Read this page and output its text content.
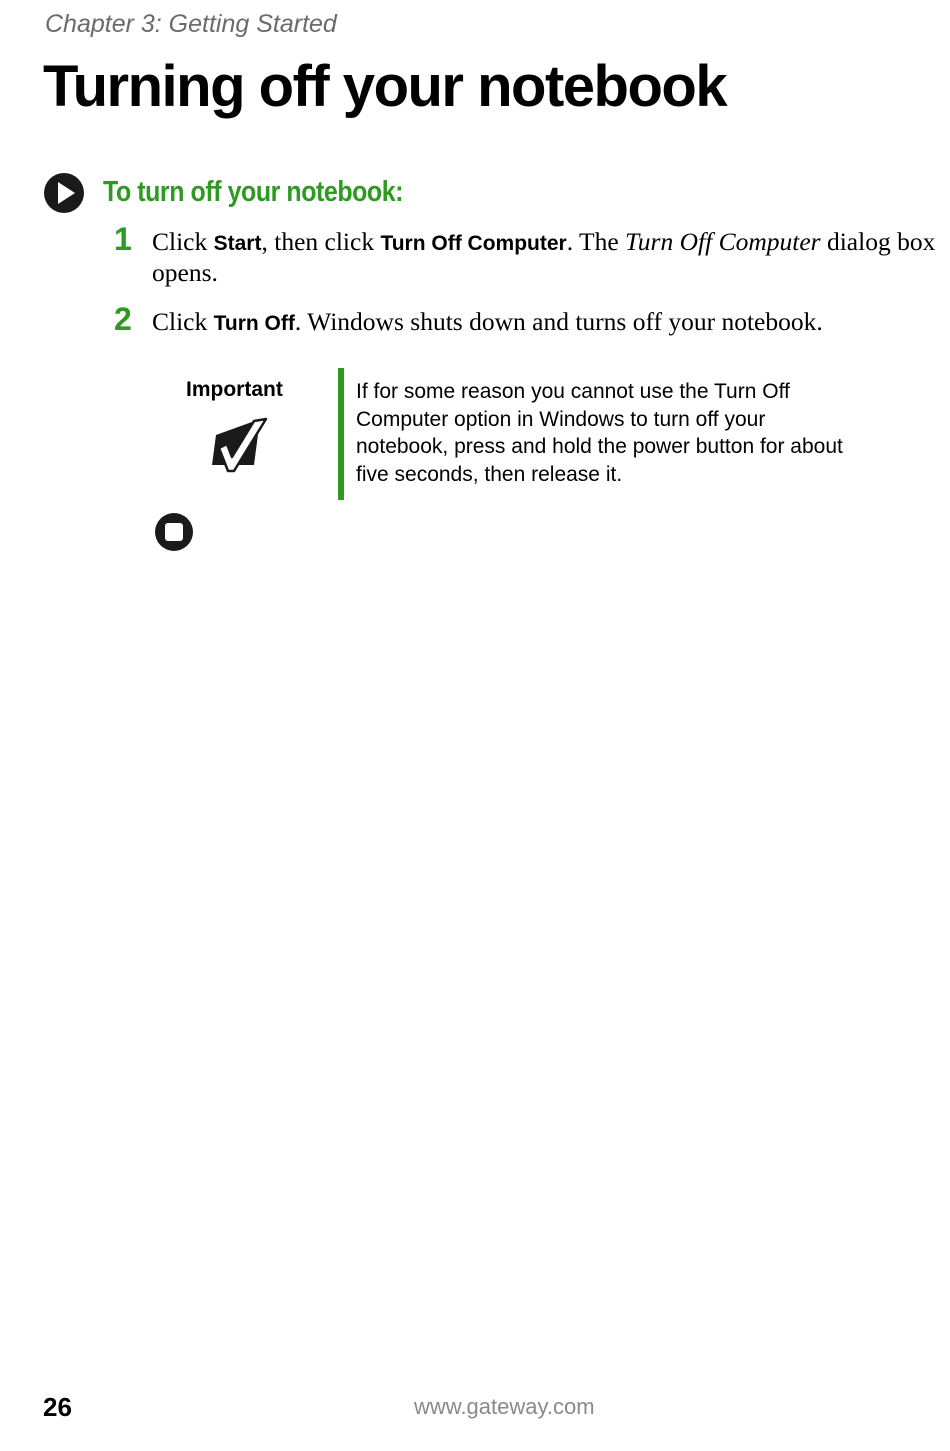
Chapter 3: Getting Started
Turning off your notebook
To turn off your notebook:
1 Click Start, then click Turn Off Computer. The Turn Off Computer dialog box opens.
2 Click Turn Off. Windows shuts down and turns off your notebook.
Important	If for some reason you cannot use the Turn Off Computer option in Windows to turn off your notebook, press and hold the power button for about five seconds, then release it.
26	www.gateway.com
